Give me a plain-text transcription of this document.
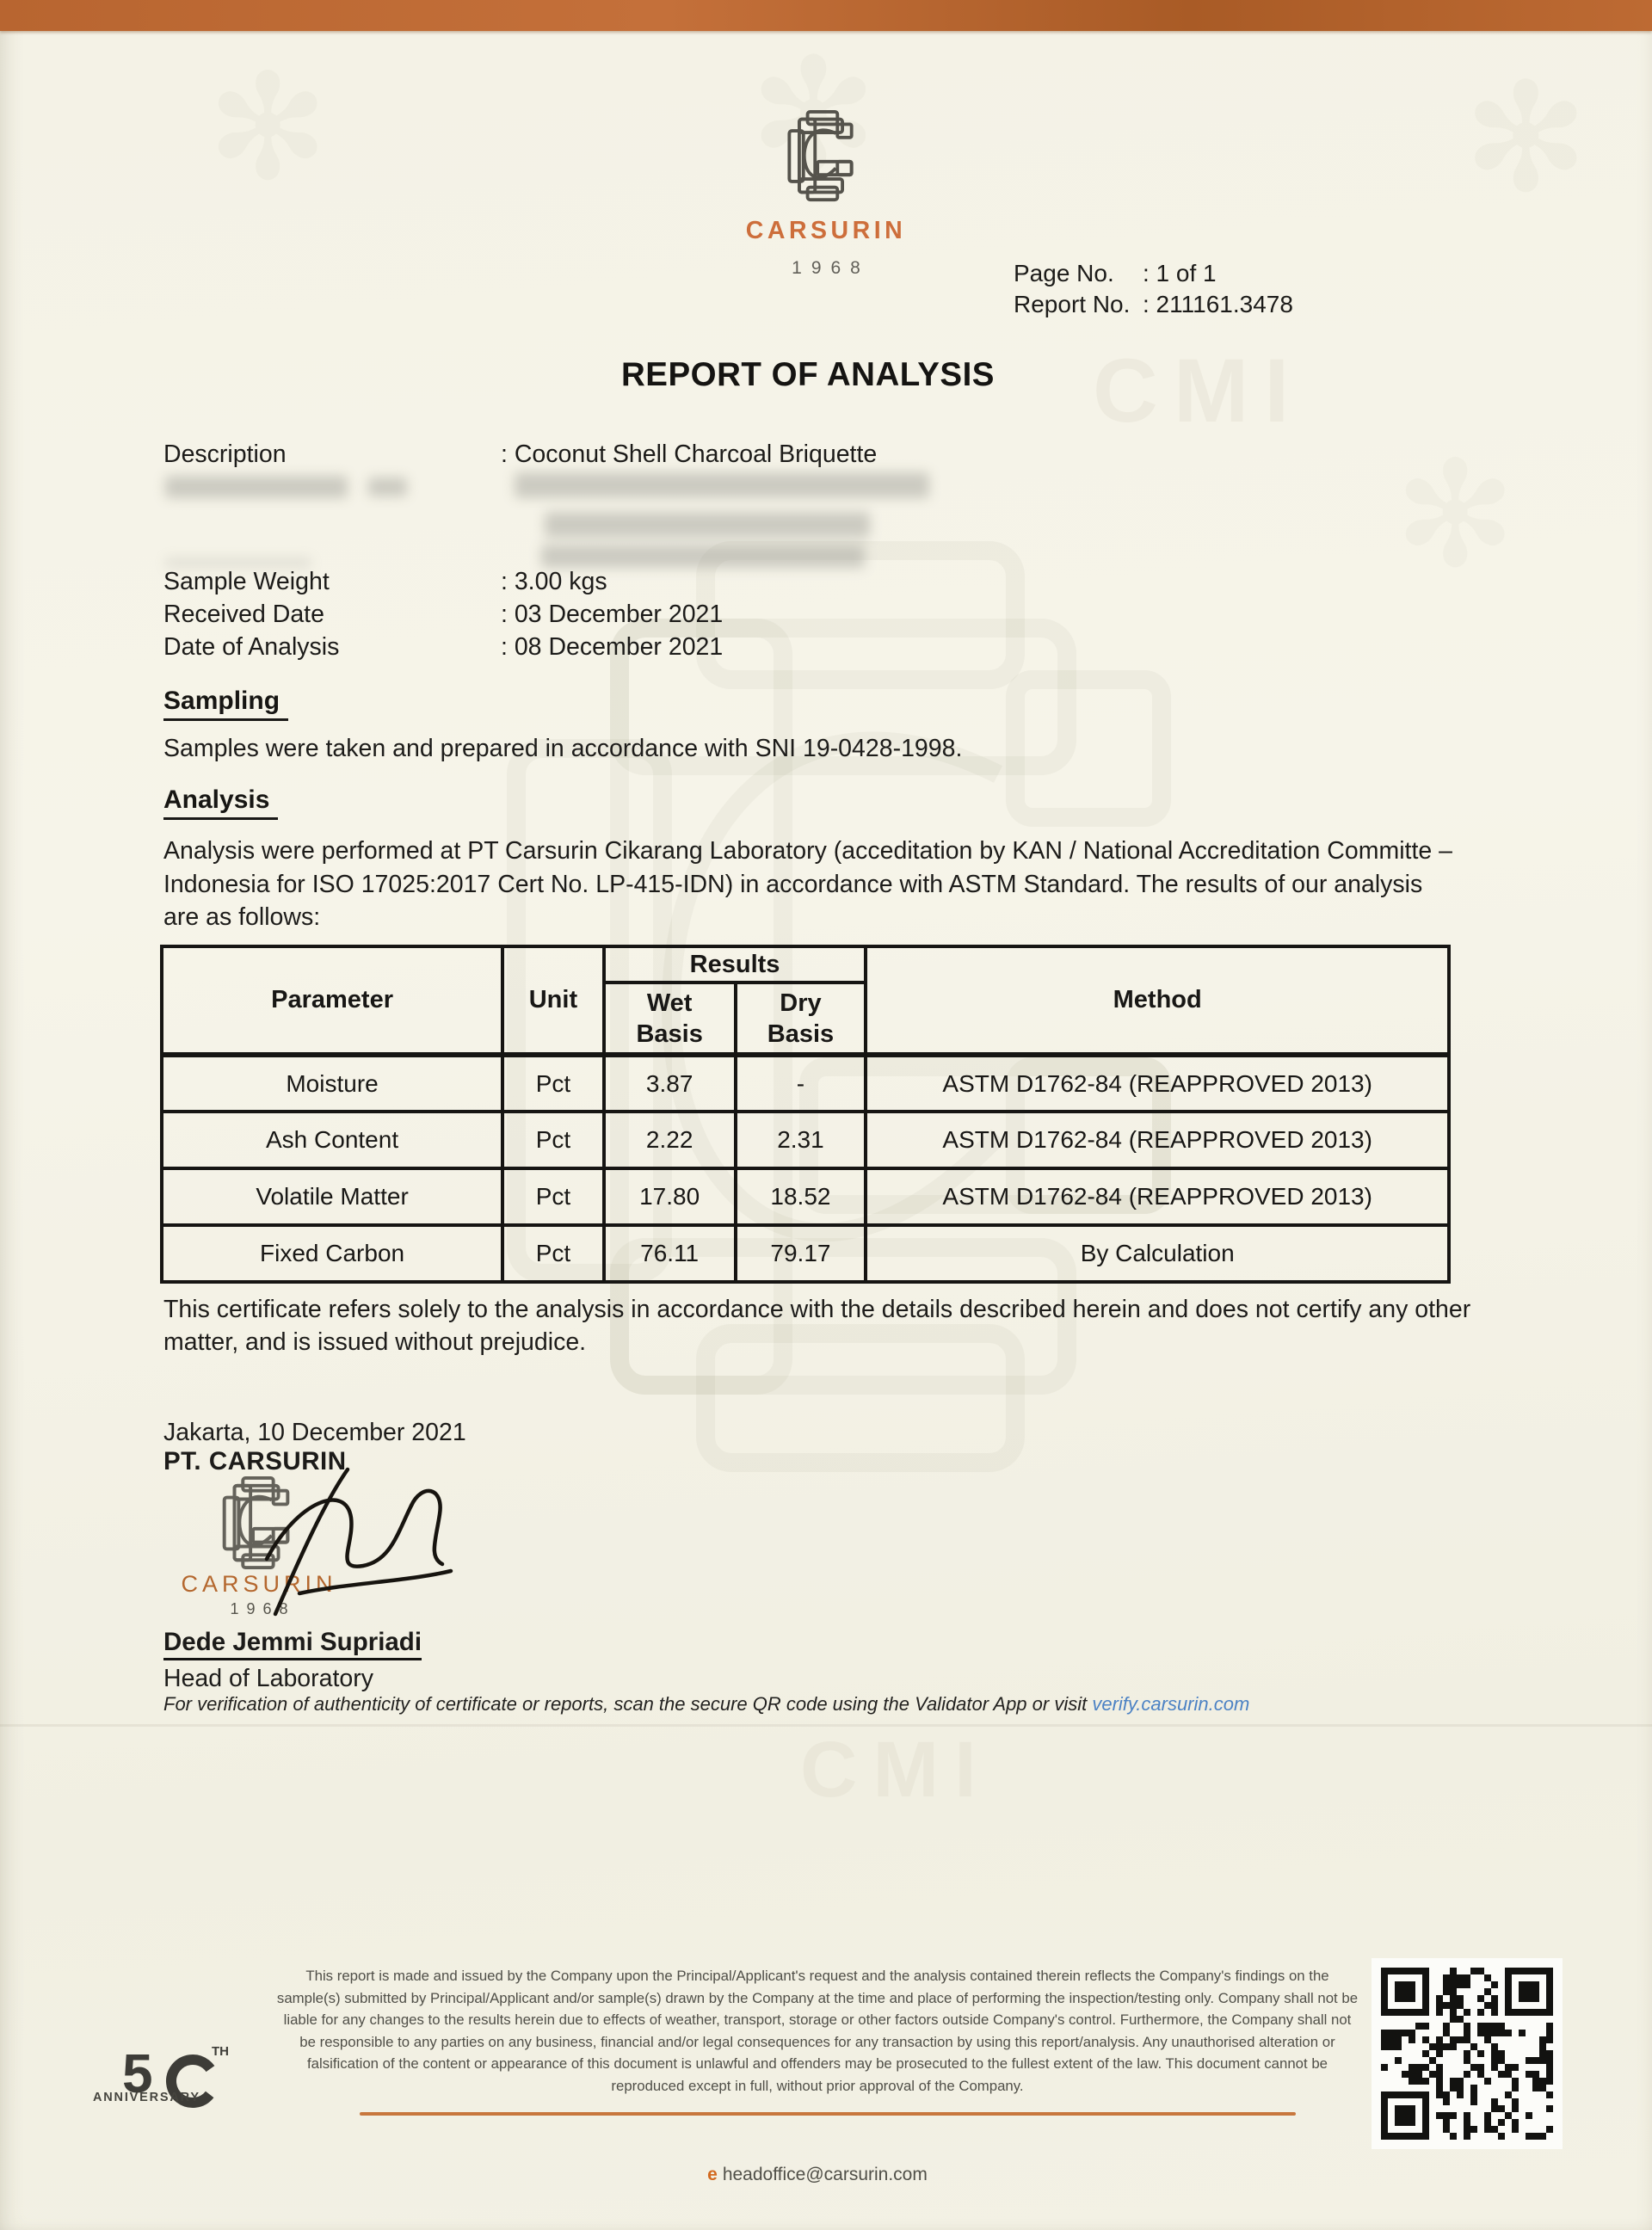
CMI
CMI
✻	✻	✻
✻
CARSURIN
1968	Page No.	: 1 of 1
Report No. : 211161.3478
REPORT OF ANALYSIS
Description	: Coconut Shell Charcoal Briquette
Sample Weight	: 3.00 kgs
Received Date	: 03 December 2021
Date of Analysis	: 08 December 2021
Sampling
Samples were taken and prepared in accordance with SNI 19-0428-1998.
Analysis
Analysis were performed at PT Carsurin Cikarang Laboratory (acceditation by KAN / National Accreditation Committe – Indonesia for ISO 17025:2017 Cert No. LP-415-IDN) in accordance with ASTM Standard. The results of our analysis are as follows:
Parameter	Unit	Results		Method
		Wet Basis	Dry Basis	
Moisture	Pct	3.87	-	ASTM D1762-84 (REAPPROVED 2013)
Ash Content	Pct	2.22	2.31	ASTM D1762-84 (REAPPROVED 2013)
Volatile Matter	Pct	17.80	18.52	ASTM D1762-84 (REAPPROVED 2013)
Fixed Carbon	Pct	76.11	79.17	By Calculation
This certificate refers solely to the analysis in accordance with the details described herein and does not certify any other matter, and is issued without prejudice.
Jakarta, 10 December 2021
PT. CARSURIN
CARSURIN
1968
Dede Jemmi Supriadi
Head of Laboratory
For verification of authenticity of certificate or reports, scan the secure QR code using the Validator App or visit verify.carsurin.com
This report is made and issued by the Company upon the Principal/Applicant's request and the analysis contained therein reflects the Company's findings on the sample(s) submitted by Principal/Applicant and/or sample(s) drawn by the Company at the time and place of performing the inspection/testing only. Company shall not be liable for any changes to the results herein due to effects of weather, transport, storage or other factors outside Company's control. Furthermore, the Company shall not be responsible to any parties on any business, financial and/or legal consequences for any transaction by using this report/analysis. Any unauthorised alteration or falsification of the content or appearance of this document is unlawful and offenders may be prosecuted to the fullest extent of the law. This document cannot be reproduced except in full, without prior approval of the Company.
e headoffice@carsurin.com
5	TH
ANNIVERSARY
